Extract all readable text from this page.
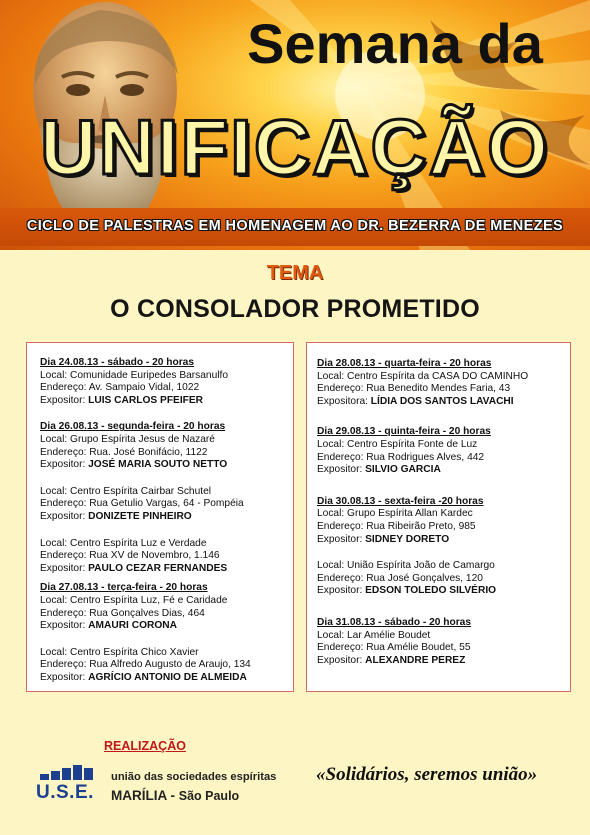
Semana da
UNIFICAÇÃO
CICLO DE PALESTRAS EM HOMENAGEM AO DR. BEZERRA DE MENEZES
TEMA
O CONSOLADOR PROMETIDO

Dia 24.08.13 - sábado - 20 horas
Local: Comunidade Euripedes Barsanulfo
Endereço: Av. Sampaio Vidal, 1022
Expositor: LUIS CARLOS PFEIFER

Dia 26.08.13 - segunda-feira - 20 horas
Local: Grupo Espírita Jesus de Nazaré
Endereço: Rua. José Bonifácio, 1122
Expositor: JOSÉ MARIA SOUTO NETTO

Local: Centro Espírita Cairbar Schutel
Endereço: Rua Getulio Vargas, 64 - Pompéia
Expositor: DONIZETE PINHEIRO

Local: Centro Espírita Luz e Verdade
Endereço: Rua XV de Novembro, 1.146
Expositor: PAULO CEZAR FERNANDES

Dia 27.08.13 - terça-feira - 20 horas
Local: Centro Espírita Luz, Fé e Caridade
Endereço: Rua Gonçalves Dias, 464
Expositor: AMAURI CORONA

Local: Centro Espírita Chico Xavier
Endereço: Rua Alfredo Augusto de Araujo, 134
Expositor: AGRÍCIO ANTONIO DE ALMEIDA

Dia 28.08.13 - quarta-feira - 20 horas
Local: Centro Espírita da CASA DO CAMINHO
Endereço: Rua Benedito Mendes Faria, 43
Expositora: LÍDIA DOS SANTOS LAVACHI

Dia 29.08.13 - quinta-feira - 20 horas
Local: Centro Espírita Fonte de Luz
Endereço: Rua Rodrigues Alves, 442
Expositor: SILVIO GARCIA

Dia 30.08.13 - sexta-feira -20 horas
Local: Grupo Espírita Allan Kardec
Endereço: Rua Ribeirão Preto, 985
Expositor: SIDNEY DORETO

Local: União Espírita João de Camargo
Endereço: Rua José Gonçalves, 120
Expositor: EDSON TOLEDO SILVÉRIO

Dia 31.08.13 - sábado - 20 horas
Local: Lar Amélie Boudet
Endereço: Rua Amélie Boudet, 55
Expositor: ALEXANDRE PEREZ

REALIZAÇÃO
U.S.E.
união das sociedades espíritas
MARÍLIA - São Paulo
«Solidários, seremos união»
